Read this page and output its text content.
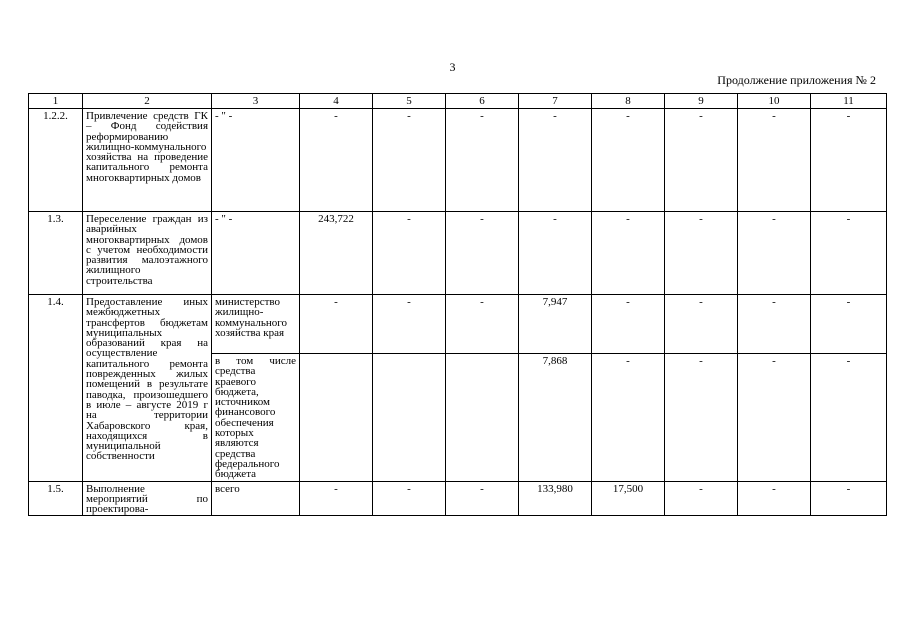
3
Продолжение приложения № 2
1	2	3	4	5	6	7	8	9	10	11
1.2.2.	Привлечение средств ГК – Фонд содействия реформированию жилищно-коммунального хозяйства на проведение капитального ремонта многоквартирных домов	- " -	-	-	-	-	-	-	-	-
1.3.	Переселение граждан из аварийных многоквартирных домов с учетом необходимости развития малоэтажного жилищного строительства	- " -	243,722	-	-	-	-	-	-	-
1.4.	Предоставление иных межбюджетных трансфертов бюджетам муниципальных образований края на осуществление капитального ремонта поврежденных жилых помещений в результате паводка, произошедшего в июле – августе 2019 г на территории Хабаровского края, находящихся в муниципальной собственности	министерство жилищно-коммунального хозяйства края	-	-	-	7,947	-	-	-	-
		в том числе средства краевого бюджета, источником финансового обеспечения которых являются средства федерального бюджета				7,868	-	-	-	-
1.5.	Выполнение мероприятий по проектирова-	всего	-	-	-	133,980	17,500	-	-	-
